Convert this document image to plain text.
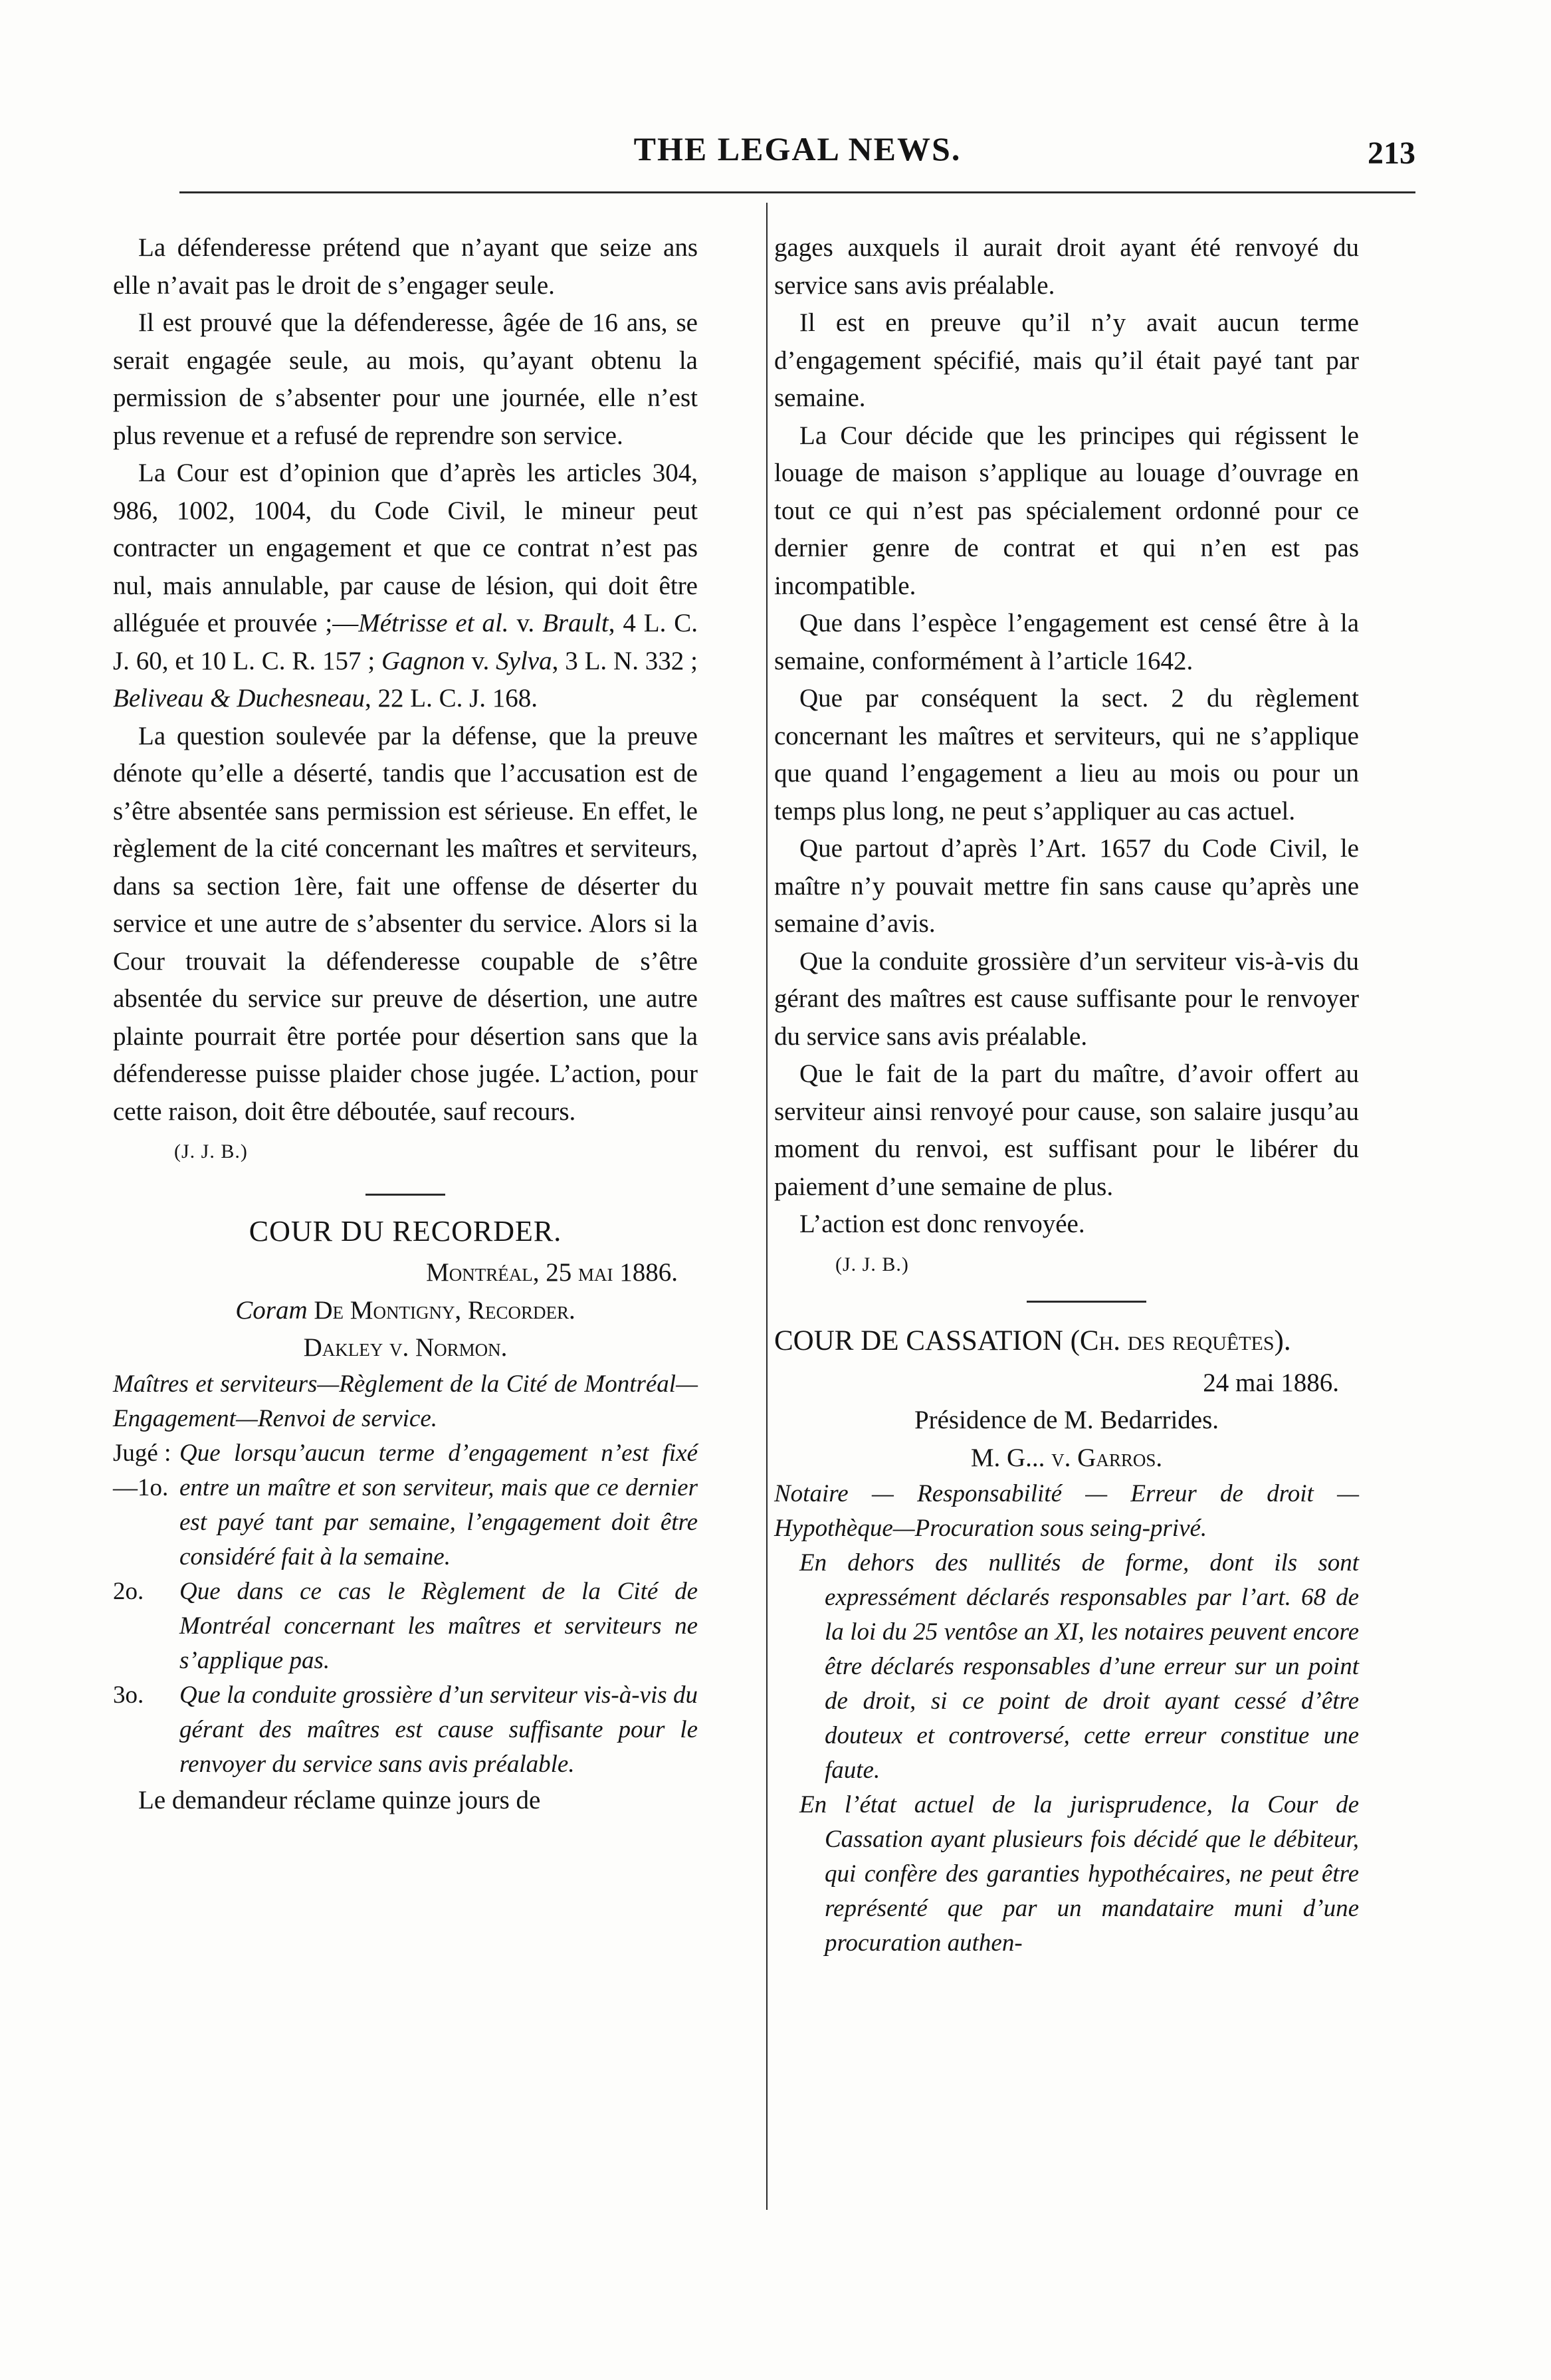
THE LEGAL NEWS.	213

La défenderesse prétend que n’ayant que seize ans elle n’avait pas le droit de s’engager seule.

Il est prouvé que la défenderesse, âgée de 16 ans, se serait engagée seule, au mois, qu’ayant obtenu la permission de s’absenter pour une journée, elle n’est plus revenue et a refusé de reprendre son service.

La Cour est d’opinion que d’après les articles 304, 986, 1002, 1004, du Code Civil, le mineur peut contracter un engagement et que ce contrat n’est pas nul, mais annulable, par cause de lésion, qui doit être alléguée et prouvée ;—Métrisse et al. v. Brault, 4 L. C. J. 60, et 10 L. C. R. 157 ; Gagnon v. Sylva, 3 L. N. 332 ; Beliveau & Duchesneau, 22 L. C. J. 168.

La question soulevée par la défense, que la preuve dénote qu’elle a déserté, tandis que l’accusation est de s’être absentée sans permission est sérieuse. En effet, le règlement de la cité concernant les maîtres et serviteurs, dans sa section 1ère, fait une offense de déserter du service et une autre de s’absenter du service. Alors si la Cour trouvait la défenderesse coupable de s’être absentée du service sur preuve de désertion, une autre plainte pourrait être portée pour désertion sans que la défenderesse puisse plaider chose jugée. L’action, pour cette raison, doit être déboutée, sauf recours.

(J. J. B.)
COUR DU RECORDER.
Montréal, 25 mai 1886.

Coram De Montigny, Recorder.

Dakley v. Normon.

Maîtres et serviteurs—Règlement de la Cité de Montréal—Engagement—Renvoi de service.

Jugé :—1o.
Que lorsqu’aucun terme d’engagement n’est fixé entre un maître et son serviteur, mais que ce dernier est payé tant par semaine, l’engagement doit être considéré fait à la semaine.
2o.	Que dans ce cas le Règlement de la Cité de Montréal concernant les maîtres et serviteurs ne s’applique pas.
3o.	Que la conduite grossière d’un serviteur vis-à-vis du gérant des maîtres est cause suffisante pour le renvoyer du service sans avis préalable.

Le demandeur réclame quinze jours de

gages auxquels il aurait droit ayant été renvoyé du service sans avis préalable.

Il est en preuve qu’il n’y avait aucun terme d’engagement spécifié, mais qu’il était payé tant par semaine.

La Cour décide que les principes qui régissent le louage de maison s’applique au louage d’ouvrage en tout ce qui n’est pas spécialement ordonné pour ce dernier genre de contrat et qui n’en est pas incompatible.

Que dans l’espèce l’engagement est censé être à la semaine, conformément à l’article 1642.

Que par conséquent la sect. 2 du règlement concernant les maîtres et serviteurs, qui ne s’applique que quand l’engagement a lieu au mois ou pour un temps plus long, ne peut s’appliquer au cas actuel.

Que partout d’après l’Art. 1657 du Code Civil, le maître n’y pouvait mettre fin sans cause qu’après une semaine d’avis.

Que la conduite grossière d’un serviteur vis-à-vis du gérant des maîtres est cause suffisante pour le renvoyer du service sans avis préalable.

Que le fait de la part du maître, d’avoir offert au serviteur ainsi renvoyé pour cause, son salaire jusqu’au moment du renvoi, est suffisant pour le libérer du paiement d’une semaine de plus.

L’action est donc renvoyée.

(J. J. B.)

COUR DE CASSATION (Ch. des requêtes).

24 mai 1886.

Présidence de M. Bedarrides.

M. G... v. Garros.

Notaire — Responsabilité — Erreur de droit — Hypothèque—Procuration sous seing-privé.

En dehors des nullités de forme, dont ils sont expressément déclarés responsables par l’art. 68 de la loi du 25 ventôse an XI, les notaires peuvent encore être déclarés responsables d’une erreur sur un point de droit, si ce point de droit ayant cessé d’être douteux et controversé, cette erreur constitue une faute.

En l’état actuel de la jurisprudence, la Cour de Cassation ayant plusieurs fois décidé que le débiteur, qui confère des garanties hypothécaires, ne peut être représenté que par un mandataire muni d’une procuration authen-
